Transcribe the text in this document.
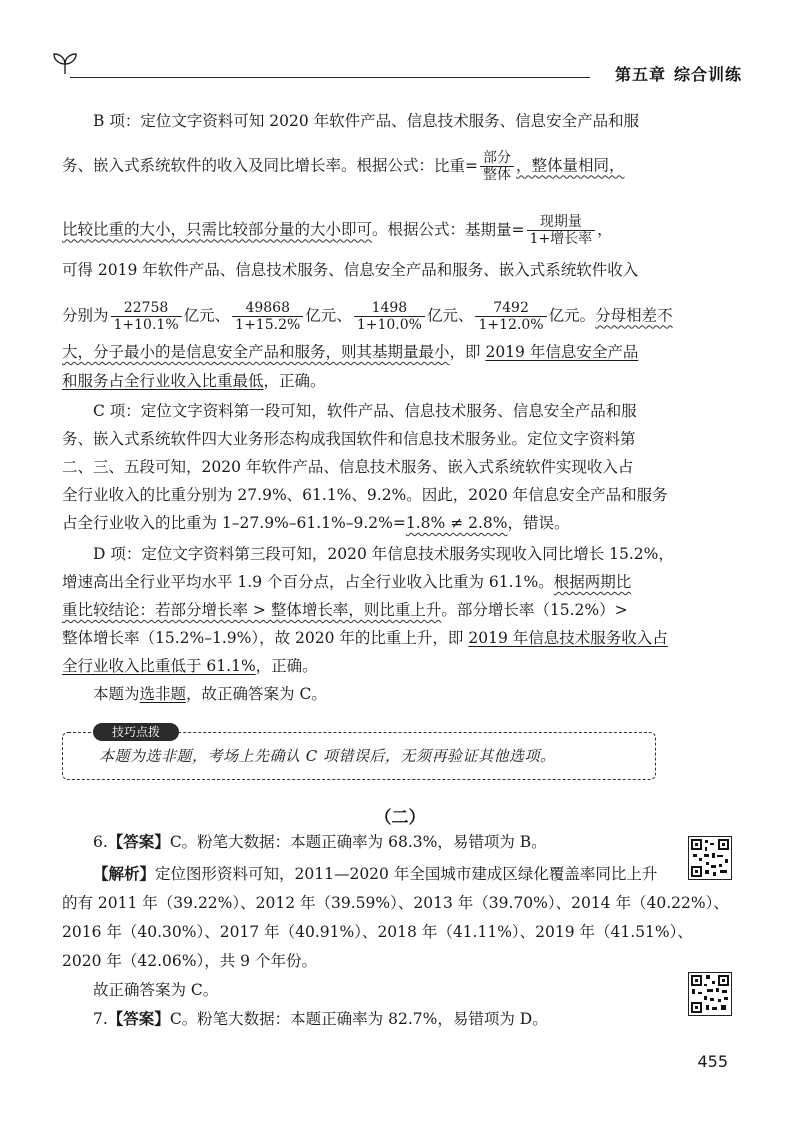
第五章 综合训练
B 项：定位文字资料可知 2020 年软件产品、信息技术服务、信息安全产品和服
务、嵌入式系统软件的收入及同比增长率。根据公式：比重= $\frac{\text{部分}}{\text{整体}}$ ，整体量相同，
比较比重的大小，只需比较部分量的大小即可。根据公式：基期量= $\frac{\text{现期量}}{\text{1+增长率}}$ ，
可得 2019 年软件产品、信息技术服务、信息安全产品和服务、嵌入式系统软件收入
分别为 $\frac{22758}{1+10.1\%}$ 亿元、 $\frac{49868}{1+15.2\%}$ 亿元、 $\frac{1498}{1+10.0\%}$ 亿元、 $\frac{7492}{1+12.0\%}$ 亿元。分母相差不
大，分子最小的是信息安全产品和服务，则其基期量最小，即 2019 年信息安全产品
和服务占全行业收入比重最低，正确。
C 项：定位文字资料第一段可知，软件产品、信息技术服务、信息安全产品和服
务、嵌入式系统软件四大业务形态构成我国软件和信息技术服务业。定位文字资料第
二、三、五段可知，2020 年软件产品、信息技术服务、嵌入式系统软件实现收入占
全行业收入的比重分别为 27.9%、61.1%、9.2%。因此，2020 年信息安全产品和服务
占全行业收入的比重为 1–27.9%–61.1%–9.2%=1.8% ≠ 2.8%，错误。
D 项：定位文字资料第三段可知，2020 年信息技术服务实现收入同比增长 15.2%，
增速高出全行业平均水平 1.9 个百分点，占全行业收入比重为 61.1%。根据两期比
重比较结论：若部分增长率 > 整体增长率，则比重上升。部分增长率（15.2%）>
整体增长率（15.2%–1.9%），故 2020 年的比重上升，即 2019 年信息技术服务收入占
全行业收入比重低于 61.1%，正确。
本题为选非题，故正确答案为 C。
技巧点拨
本题为选非题，考场上先确认 C 项错误后，无须再验证其他选项。
（二）
6.【答案】C。粉笔大数据：本题正确率为 68.3%，易错项为 B。
【解析】定位图形资料可知，2011—2020 年全国城市建成区绿化覆盖率同比上升
的有 2011 年（39.22%）、2012 年（39.59%）、2013 年（39.70%）、2014 年（40.22%）、
2016 年（40.30%）、2017 年（40.91%）、2018 年（41.11%）、2019 年（41.51%）、
2020 年（42.06%），共 9 个年份。
故正确答案为 C。
7.【答案】C。粉笔大数据：本题正确率为 82.7%，易错项为 D。
455
